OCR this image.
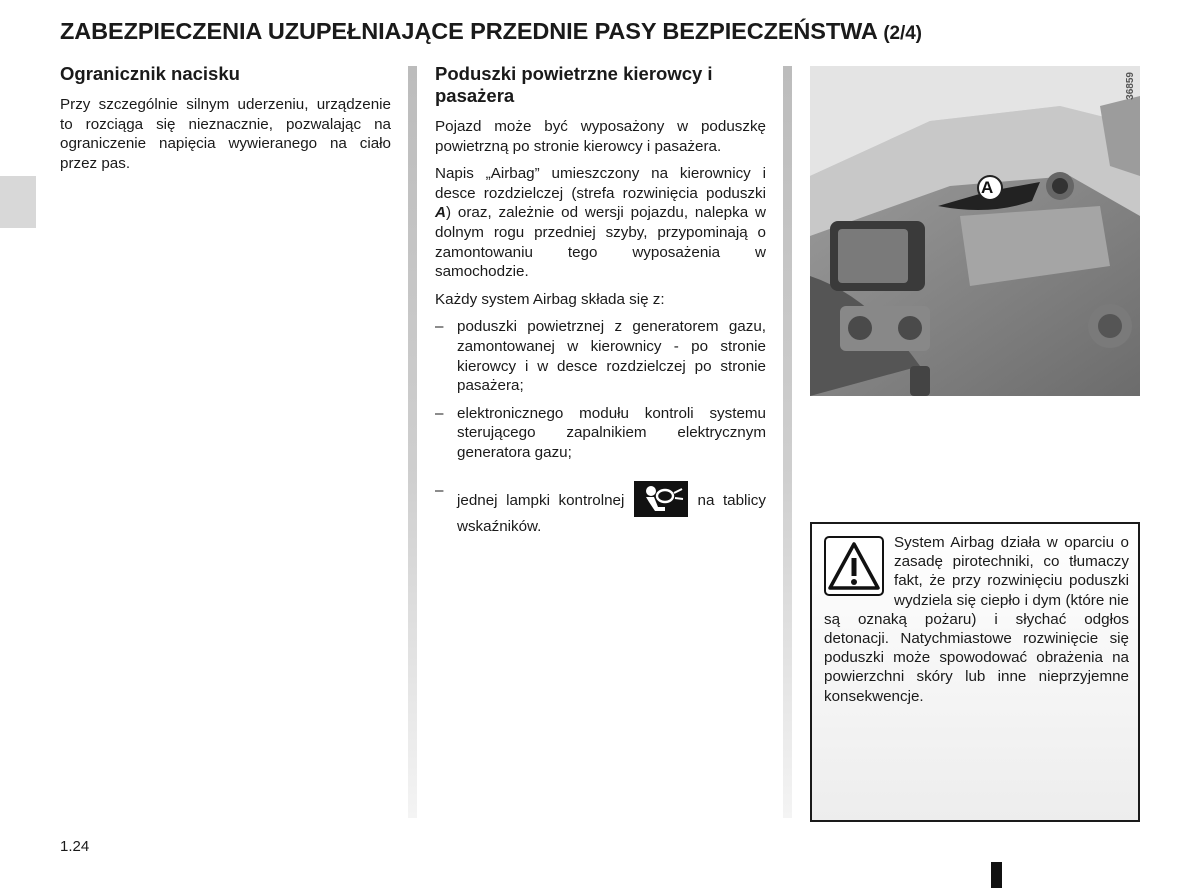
ZABEZPIECZENIA UZUPEŁNIAJĄCE PRZEDNIE PASY BEZPIECZEŃSTWA (2/4)
Ogranicznik nacisku

Przy szczególnie silnym uderzeniu, urządzenie to rozciąga się nieznacznie, pozwalając na ograniczenie napięcia wywieranego na ciało przez pas.

Poduszki powietrzne kierowcy i pasażera

Pojazd może być wyposażony w poduszkę powietrzną po stronie kierowcy i pasażera.

Napis „Airbag” umieszczony na kierownicy i desce rozdzielczej (strefa rozwinięcia poduszki A) oraz, zależnie od wersji pojazdu, nalepka w dolnym rogu przedniej szyby, przypominają o zamontowaniu tego wyposażenia w samochodzie.

Każdy system Airbag składa się z:

– poduszki powietrznej z generatorem gazu, zamontowanej w kierownicy - po stronie kierowcy i w desce rozdzielczej po stronie pasażera;
– elektronicznego modułu kontroli systemu sterującego zapalnikiem elektrycznym generatora gazu;
–
jednej lampki kontrolnej	na tablicy wskaźników.
A
36859
System Airbag działa w oparciu o zasadę pirotechniki, co tłumaczy fakt, że przy rozwinięciu poduszki wydziela się ciepło i dym (które nie są oznaką pożaru) i słychać odgłos detonacji. Natychmiastowe rozwinięcie się poduszki może spowodować obrażenia na powierzchni skóry lub inne nieprzyjemne konsekwencje.
1.24
